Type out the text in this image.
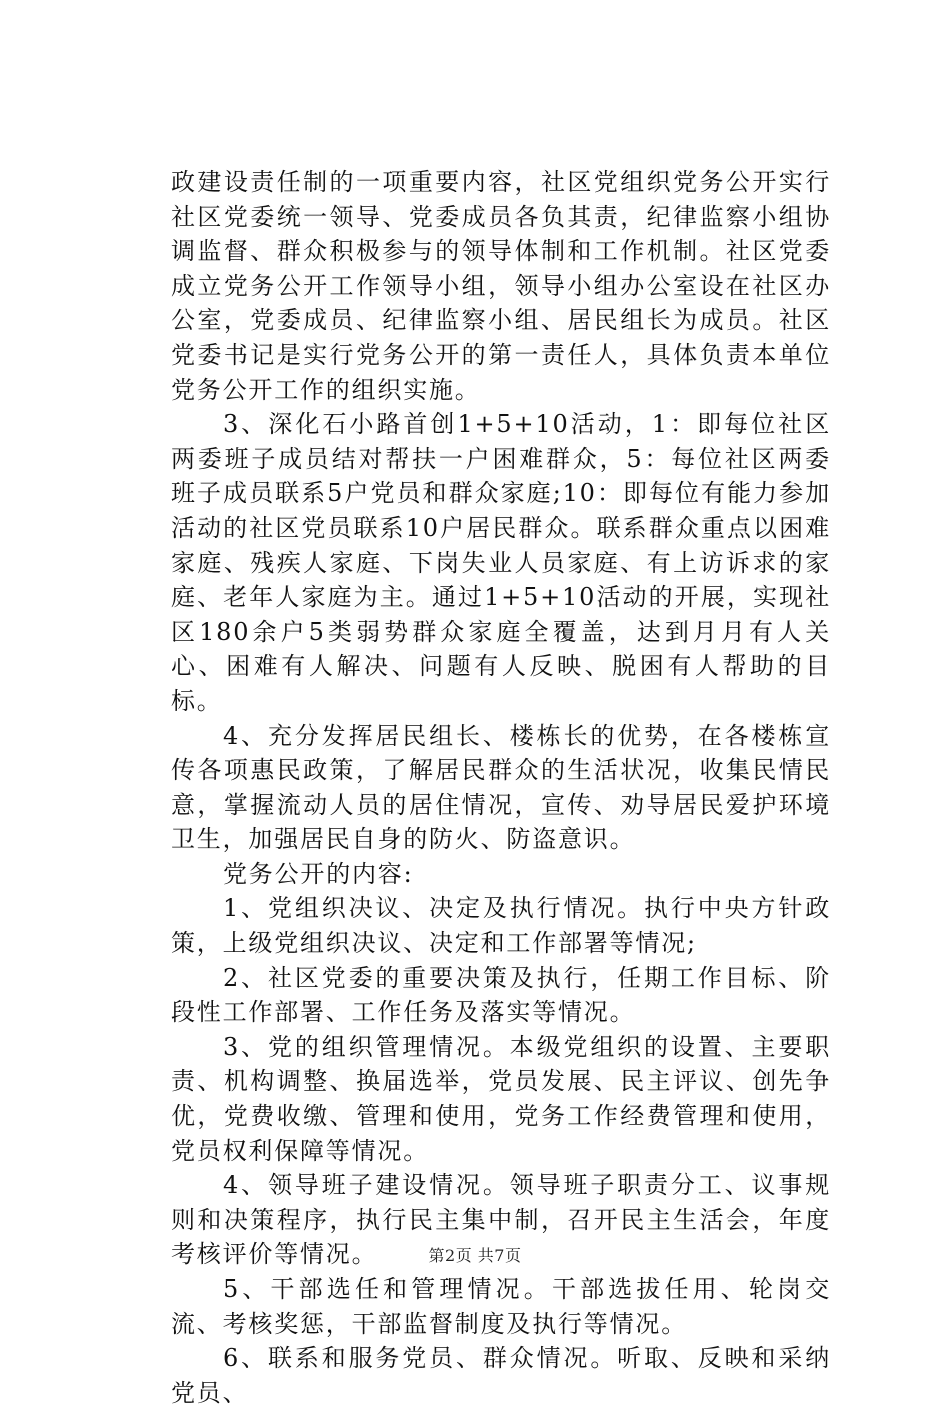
政建设责任制的一项重要内容，社区党组织党务公开实行社区党委统一领导、党委成员各负其责，纪律监察小组协调监督、群众积极参与的领导体制和工作机制。社区党委成立党务公开工作领导小组，领导小组办公室设在社区办公室，党委成员、纪律监察小组、居民组长为成员。社区党委书记是实行党务公开的第一责任人，具体负责本单位党务公开工作的组织实施。

3、深化石小路首创1+5+10活动，1：即每位社区两委班子成员结对帮扶一户困难群众，5：每位社区两委班子成员联系5户党员和群众家庭;10：即每位有能力参加活动的社区党员联系10户居民群众。联系群众重点以困难家庭、残疾人家庭、下岗失业人员家庭、有上访诉求的家庭、老年人家庭为主。通过1+5+10活动的开展，实现社区180余户5类弱势群众家庭全覆盖，达到月月有人关心、困难有人解决、问题有人反映、脱困有人帮助的目标。

4、充分发挥居民组长、楼栋长的优势，在各楼栋宣传各项惠民政策，了解居民群众的生活状况，收集民情民意，掌握流动人员的居住情况，宣传、劝导居民爱护环境卫生，加强居民自身的防火、防盗意识。

党务公开的内容:

1、党组织决议、决定及执行情况。执行中央方针政策，上级党组织决议、决定和工作部署等情况;

2、社区党委的重要决策及执行，任期工作目标、阶段性工作部署、工作任务及落实等情况。

3、党的组织管理情况。本级党组织的设置、主要职责、机构调整、换届选举，党员发展、民主评议、创先争优，党费收缴、管理和使用，党务工作经费管理和使用，党员权利保障等情况。

4、领导班子建设情况。领导班子职责分工、议事规则和决策程序，执行民主集中制，召开民主生活会，年度考核评价等情况。

5、干部选任和管理情况。干部选拔任用、轮岗交流、考核奖惩，干部监督制度及执行等情况。

6、联系和服务党员、群众情况。听取、反映和采纳党员、

第2页 共7页
